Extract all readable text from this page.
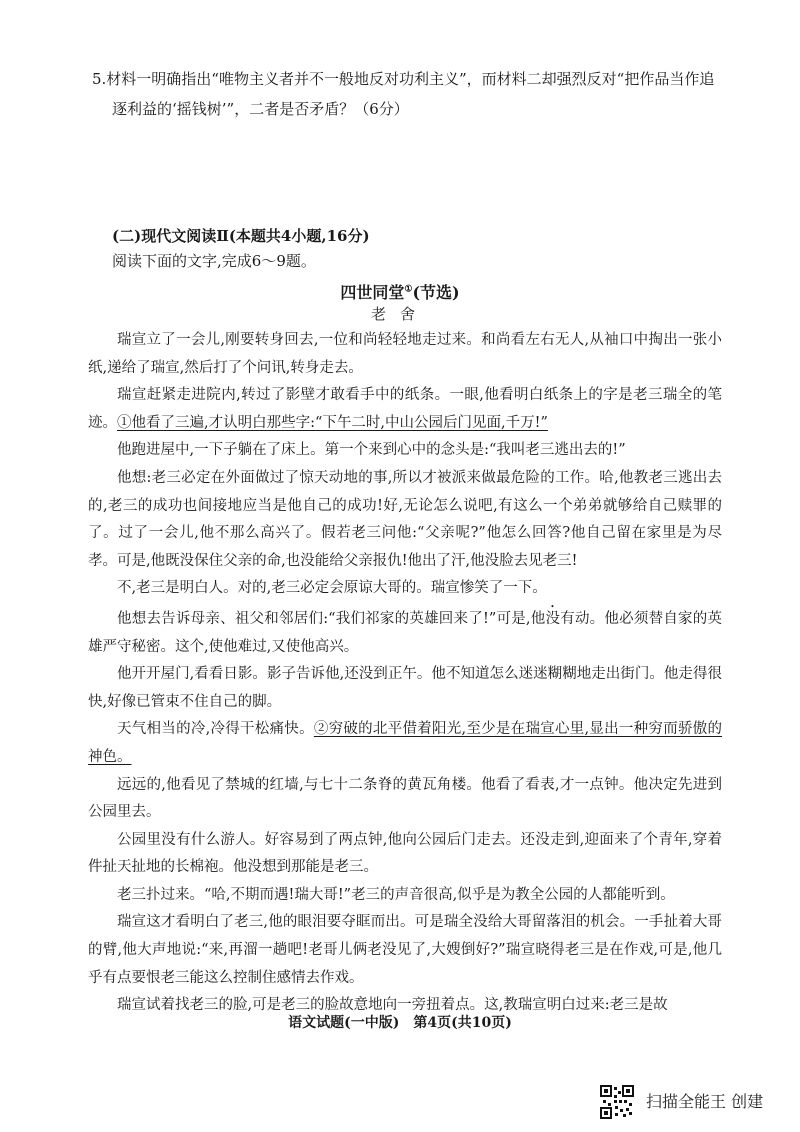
5.材料一明确指出“唯物主义者并不一般地反对功利主义”，而材料二却强烈反对“把作品当作追

逐利益的‘摇钱树’”，二者是否矛盾？（6分）
(二)现代文阅读Ⅱ(本题共4小题,16分)
阅读下面的文字,完成6～9题。
四世同堂①(节选)
老舍

瑞宣立了一会儿,刚要转身回去,一位和尚轻轻地走过来。和尚看左右无人,从袖口中掏出一张小纸,递给了瑞宣,然后打了个问讯,转身走去。

瑞宣赶紧走进院内,转过了影壁才敢看手中的纸条。一眼,他看明白纸条上的字是老三瑞全的笔迹。①他看了三遍,才认明白那些字:“下午二时,中山公园后门见面,千万!”

他跑进屋中,一下子躺在了床上。第一个来到心中的念头是:“我叫老三逃出去的!”

他想:老三必定在外面做过了惊天动地的事,所以才被派来做最危险的工作。哈,他教老三逃出去的,老三的成功也间接地应当是他自己的成功!好,无论怎么说吧,有这么一个弟弟就够给自己赎罪的了。过了一会儿,他不那么高兴了。假若老三问他:“父亲呢?”他怎么回答?他自己留在家里是为尽孝。可是,他既没保住父亲的命,也没能给父亲报仇!他出了汗,他没脸去见老三!

不,老三是明白人。对的,老三必定会原谅大哥的。瑞宣惨笑了一下。

他想去告诉母亲、祖父和邻居们:“我们祁家的英雄回来了!”可是,他没有动。他必须替自家的英雄严守秘密。这个,使他难过,又使他高兴。

他开开屋门,看看日影。影子告诉他,还没到正午。他不知道怎么迷迷糊糊地走出街门。他走得很快,好像已管束不住自己的脚。

天气相当的冷,冷得干松痛快。②穷破的北平借着阳光,至少是在瑞宣心里,显出一种穷而骄傲的神色。

远远的,他看见了禁城的红墙,与七十二条脊的黄瓦角楼。他看了看表,才一点钟。他决定先进到公园里去。

公园里没有什么游人。好容易到了两点钟,他向公园后门走去。还没走到,迎面来了个青年,穿着件扯天扯地的长棉袍。他没想到那能是老三。

老三扑过来。“哈,不期而遇!瑞大哥!”老三的声音很高,似乎是为教全公园的人都能听到。

瑞宣这才看明白了老三,他的眼泪要夺眶而出。可是瑞全没给大哥留落泪的机会。一手扯着大哥的臂,他大声地说:“来,再溜一趟吧!老哥儿俩老没见了,大嫂倒好?”瑞宣晓得老三是在作戏,可是,他几乎有点要恨老三能这么控制住感情去作戏。

瑞宣试着找老三的脸,可是老三的脸故意地向一旁扭着点。这,教瑞宣明白过来:老三是故

语文试题(一中版)　第4页(共10页)
扫描全能王 创建
